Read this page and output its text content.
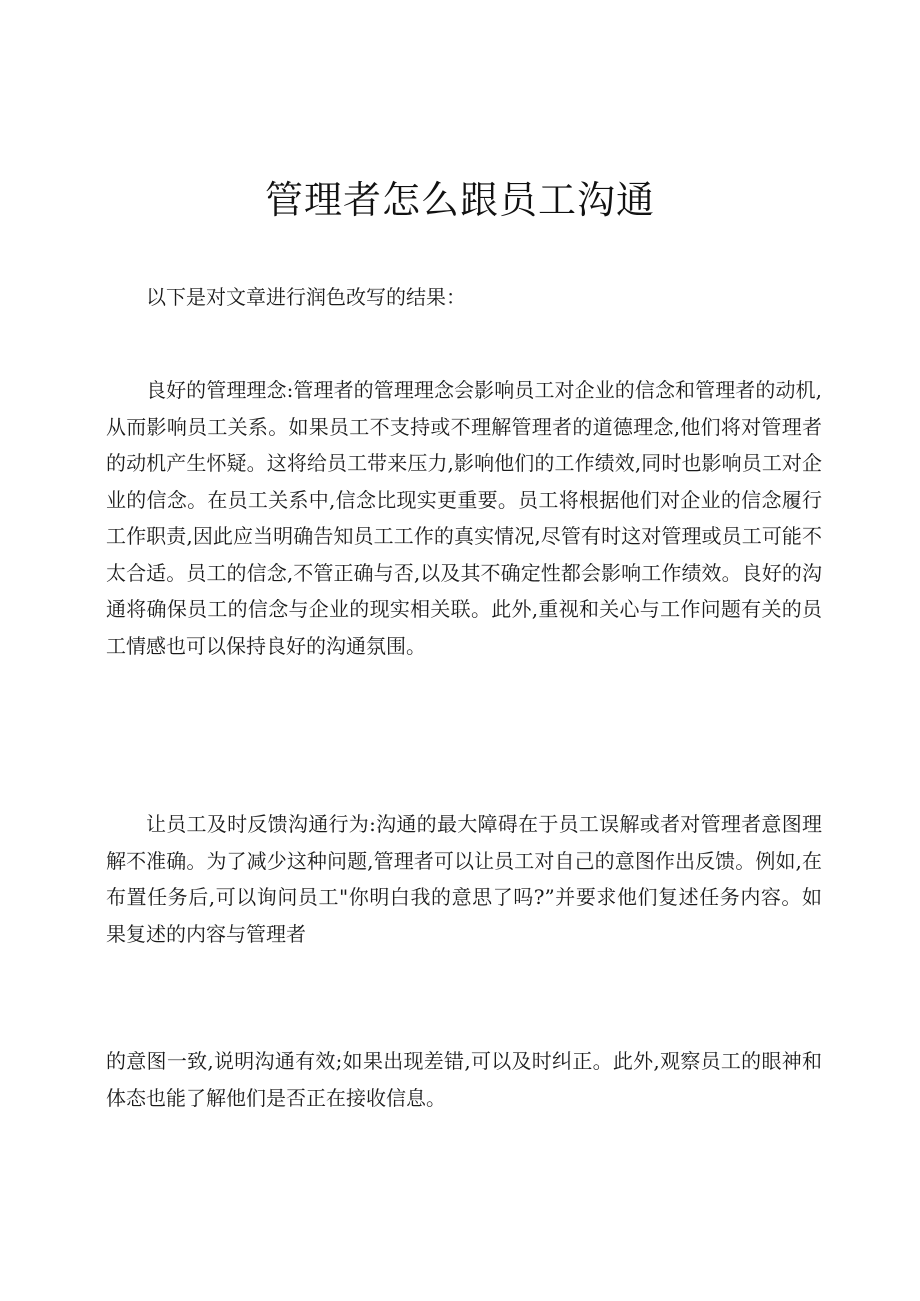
管理者怎么跟员工沟通

以下是对文章进行润色改写的结果：

良好的管理理念:管理者的管理理念会影响员工对企业的信念和管理者的动机,从而影响员工关系。如果员工不支持或不理解管理者的道德理念,他们将对管理者的动机产生怀疑。这将给员工带来压力,影响他们的工作绩效,同时也影响员工对企业的信念。在员工关系中,信念比现实更重要。员工将根据他们对企业的信念履行工作职责,因此应当明确告知员工工作的真实情况,尽管有时这对管理或员工可能不太合适。员工的信念,不管正确与否,以及其不确定性都会影响工作绩效。良好的沟通将确保员工的信念与企业的现实相关联。此外,重视和关心与工作问题有关的员工情感也可以保持良好的沟通氛围。

让员工及时反馈沟通行为:沟通的最大障碍在于员工误解或者对管理者意图理解不准确。为了减少这种问题,管理者可以让员工对自己的意图作出反馈。例如,在布置任务后,可以询问员工"你明白我的意思了吗?”并要求他们复述任务内容。如果复述的内容与管理者

的意图一致,说明沟通有效;如果出现差错,可以及时纠正。此外,观察员工的眼神和体态也能了解他们是否正在接收信息。
